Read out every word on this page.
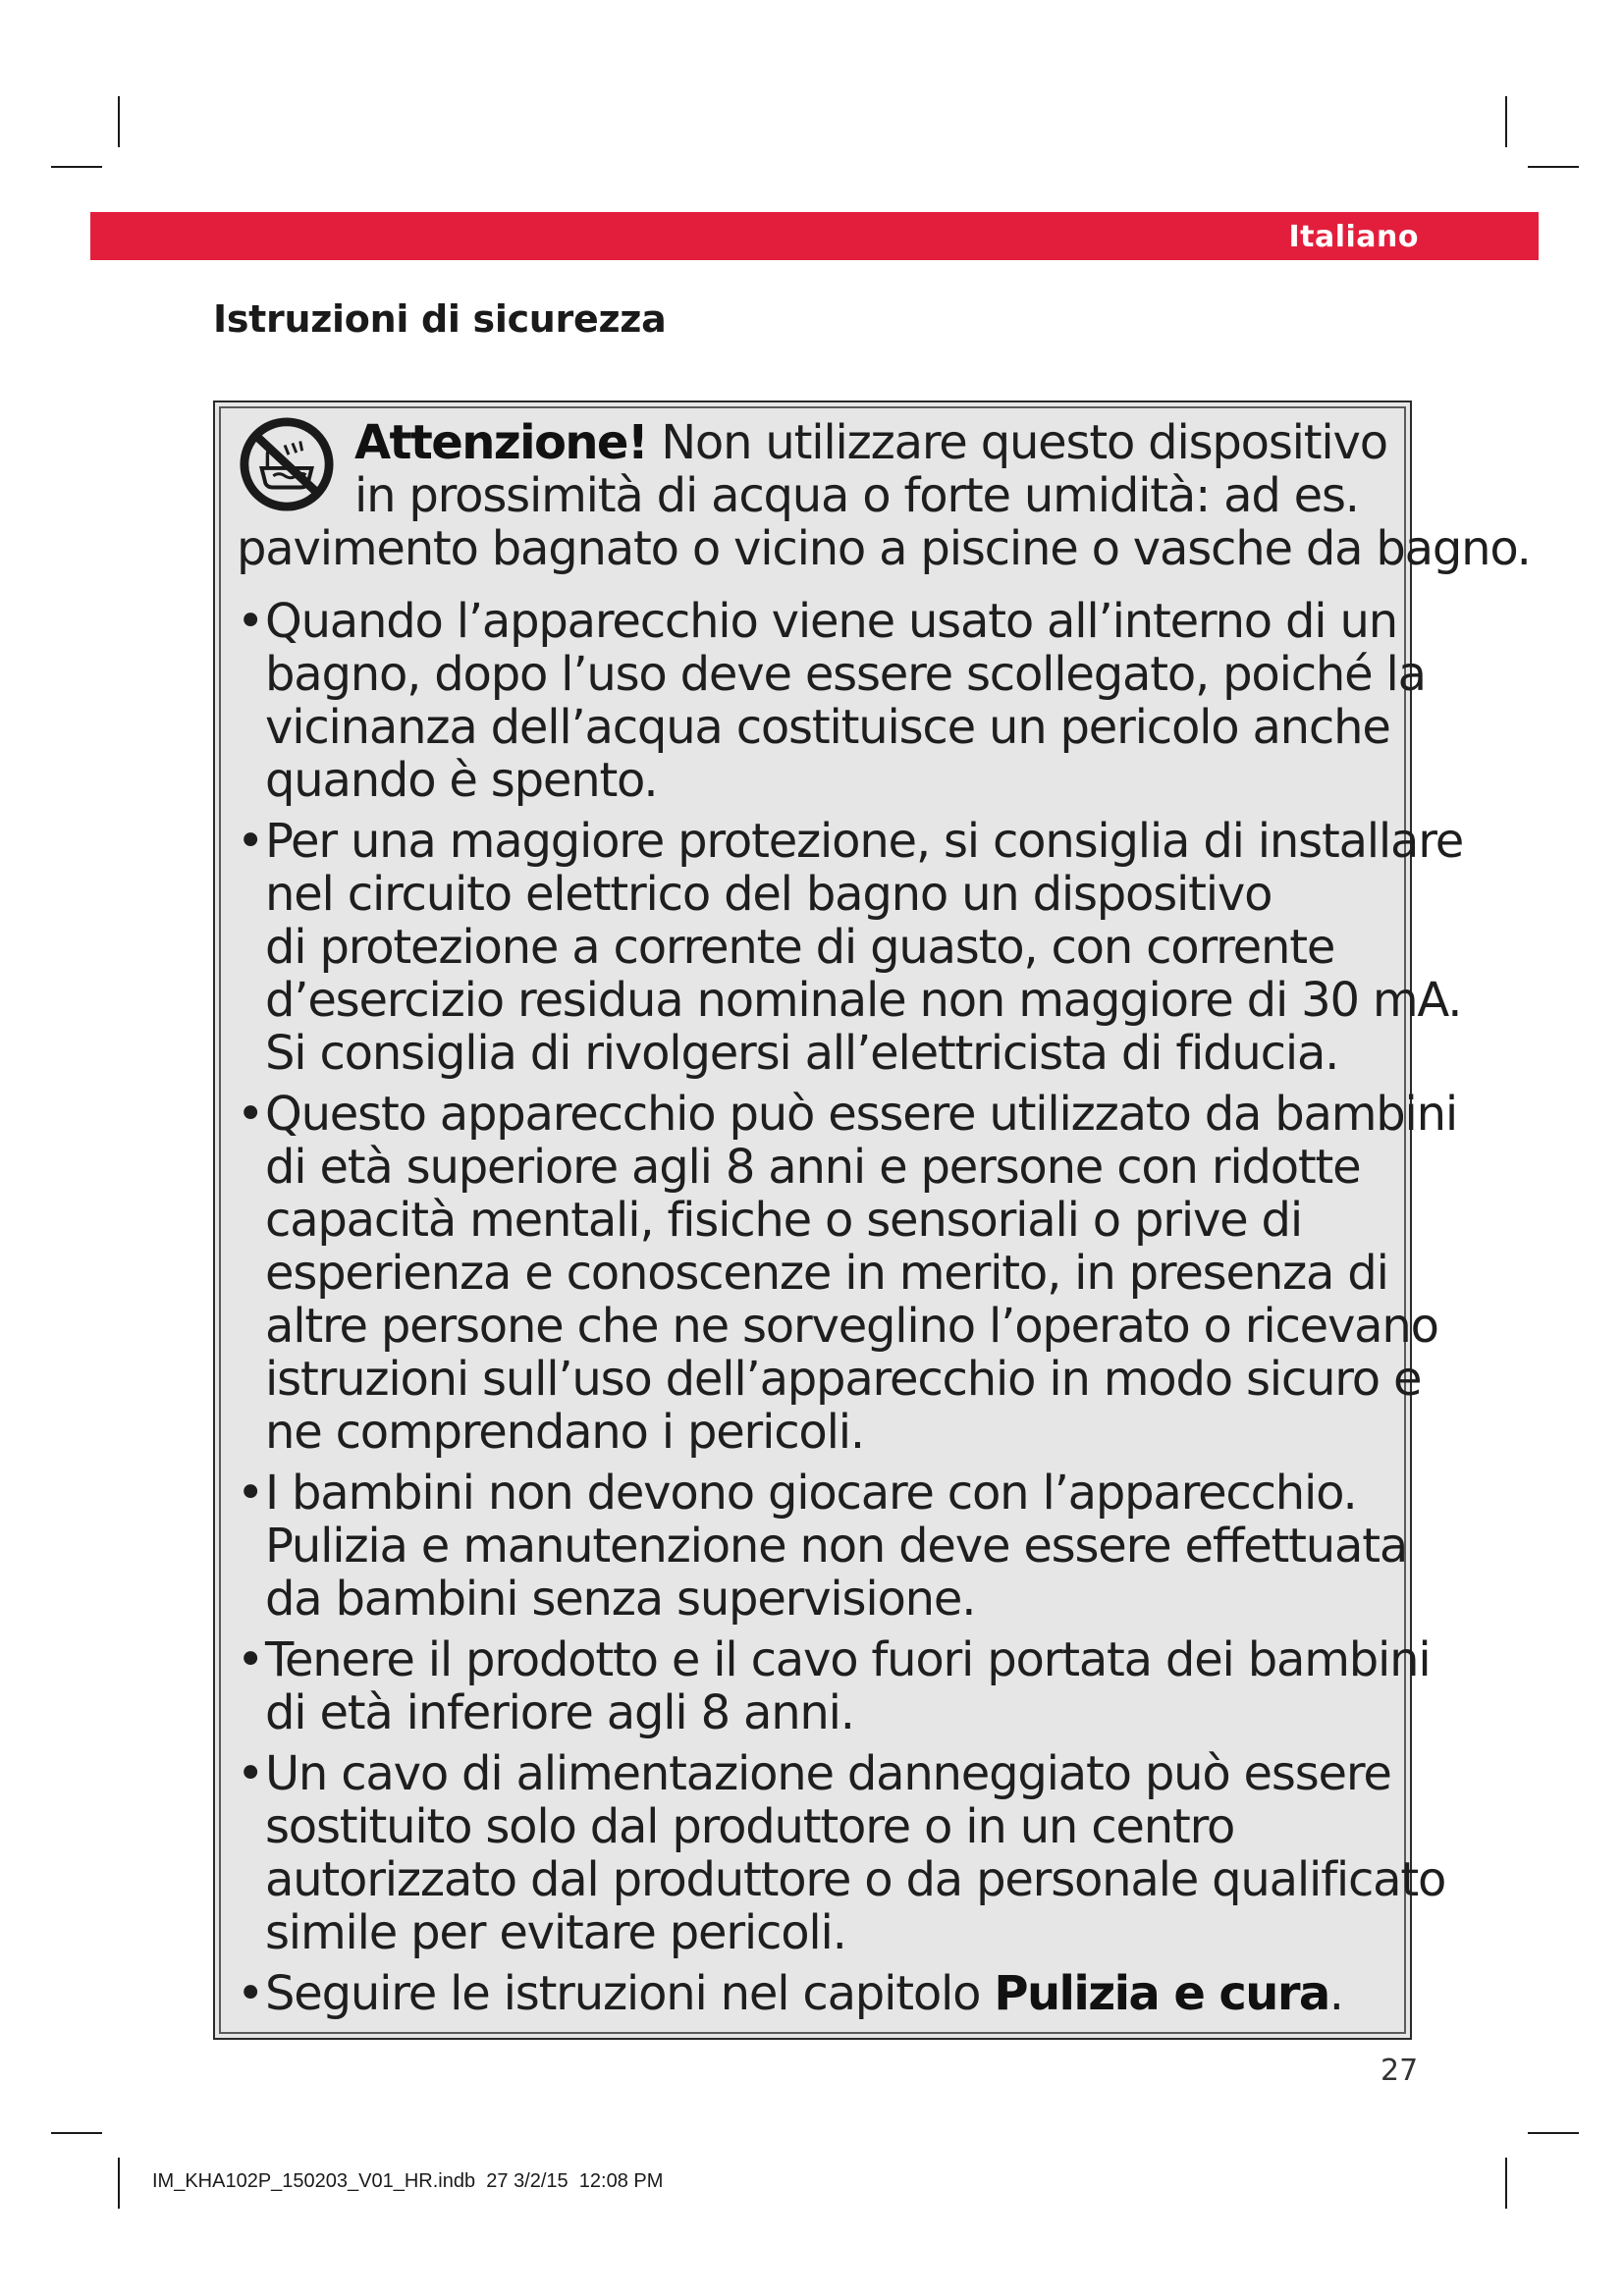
Italiano
Istruzioni di sicurezza
Attenzione! Non utilizzare questo dispositivo
in prossimità di acqua o forte umidità: ad es.
pavimento bagnato o vicino a piscine o vasche da bagno.
• Quando l’apparecchio viene usato all’interno di un
bagno, dopo l’uso deve essere scollegato, poiché la
vicinanza dell’acqua costituisce un pericolo anche
quando è spento.
• Per una maggiore protezione, si consiglia di installare
nel circuito elettrico del bagno un dispositivo
di protezione a corrente di guasto, con corrente
d’esercizio residua nominale non maggiore di 30 mA.
Si consiglia di rivolgersi all’elettricista di fiducia.
• Questo apparecchio può essere utilizzato da bambini
di età superiore agli 8 anni e persone con ridotte
capacità mentali, fisiche o sensoriali o prive di
esperienza e conoscenze in merito, in presenza di
altre persone che ne sorveglino l’operato o ricevano
istruzioni sull’uso dell’apparecchio in modo sicuro e
ne comprendano i pericoli.
• I bambini non devono giocare con l’apparecchio.
Pulizia e manutenzione non deve essere effettuata
da bambini senza supervisione.
• Tenere il prodotto e il cavo fuori portata dei bambini
di età inferiore agli 8 anni.
• Un cavo di alimentazione danneggiato può essere
sostituito solo dal produttore o in un centro
autorizzato dal produttore o da personale qualificato
simile per evitare pericoli.
• Seguire le istruzioni nel capitolo Pulizia e cura.
27
IM_KHA102P_150203_V01_HR.indb 27 3/2/15 12:08 PM
